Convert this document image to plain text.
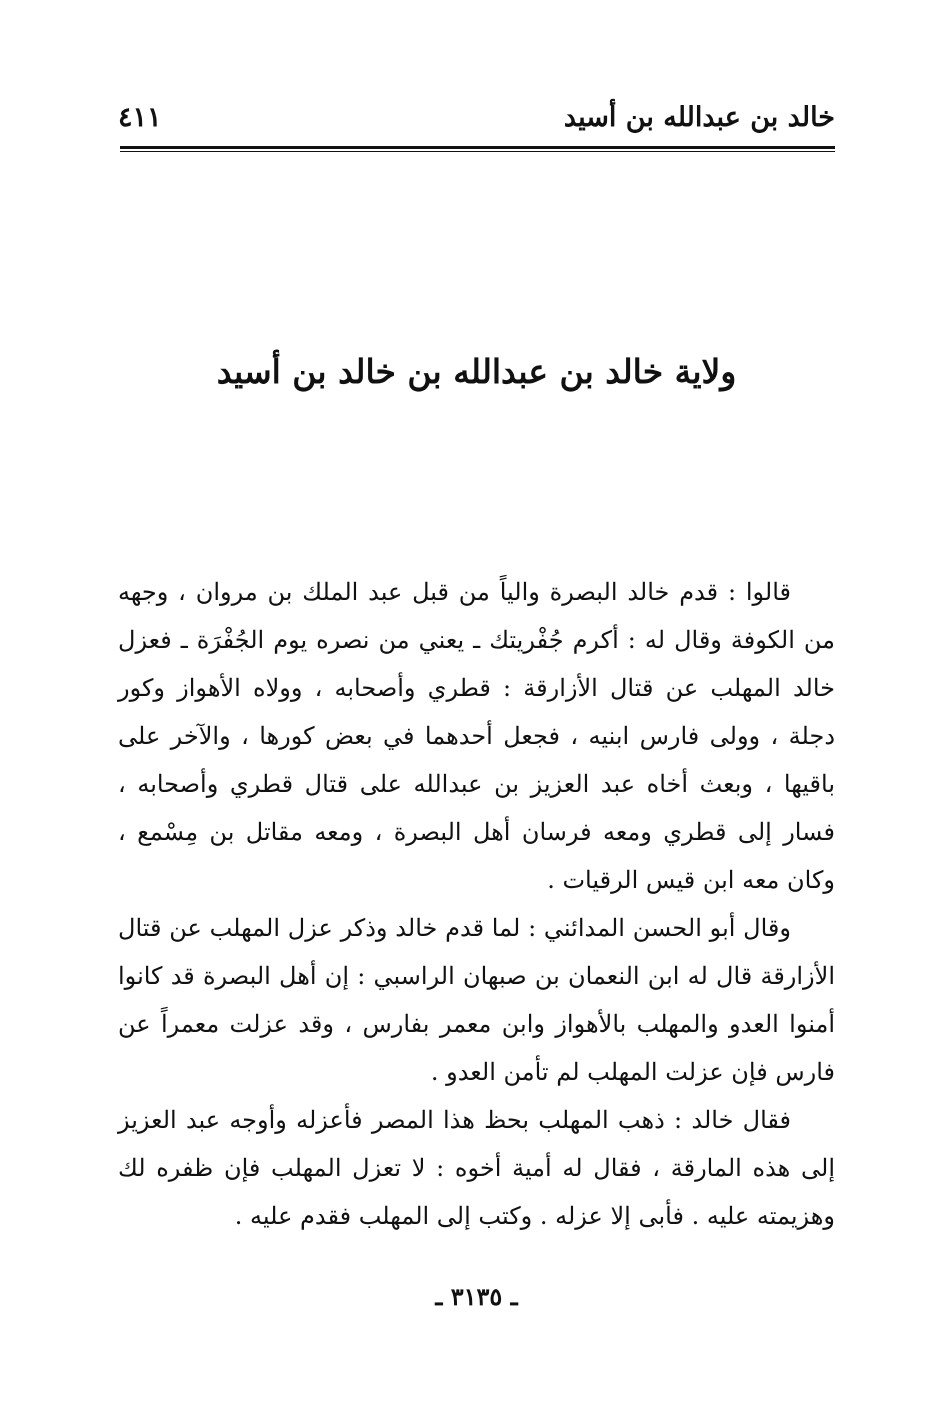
خالد بن عبدالله بن أسيد
٤١١
ولاية خالد بن عبدالله بن خالد بن أسيد

قالوا : قدم خالد البصرة والياً من قبل عبد الملك بن مروان ، وجهه من الكوفة وقال له : أكرم جُفْريتك ـ يعني من نصره يوم الجُفْرَة ـ فعزل خالد المهلب عن قتال الأزارقة : قطري وأصحابه ، وولاه الأهواز وكور دجلة ، وولى فارس ابنيه ، فجعل أحدهما في بعض كورها ، والآخر على باقيها ، وبعث أخاه عبد العزيز بن عبدالله على قتال قطري وأصحابه ، فسار إلى قطري ومعه فرسان أهل البصرة ، ومعه مقاتل بن مِسْمع ، وكان معه ابن قيس الرقيات .

وقال أبو الحسن المدائني : لما قدم خالد وذكر عزل المهلب عن قتال الأزارقة قال له ابن النعمان بن صبهان الراسبي : إن أهل البصرة قد كانوا أمنوا العدو والمهلب بالأهواز وابن معمر بفارس ، وقد عزلت معمراً عن فارس فإن عزلت المهلب لم تأمن العدو .

فقال خالد : ذهب المهلب بحظ هذا المصر فأعزله وأوجه عبد العزيز إلى هذه المارقة ، فقال له أمية أخوه : لا تعزل المهلب فإن ظفره لك وهزيمته عليه . فأبى إلا عزله . وكتب إلى المهلب فقدم عليه .

ـ ٣١٣٥ ـ
